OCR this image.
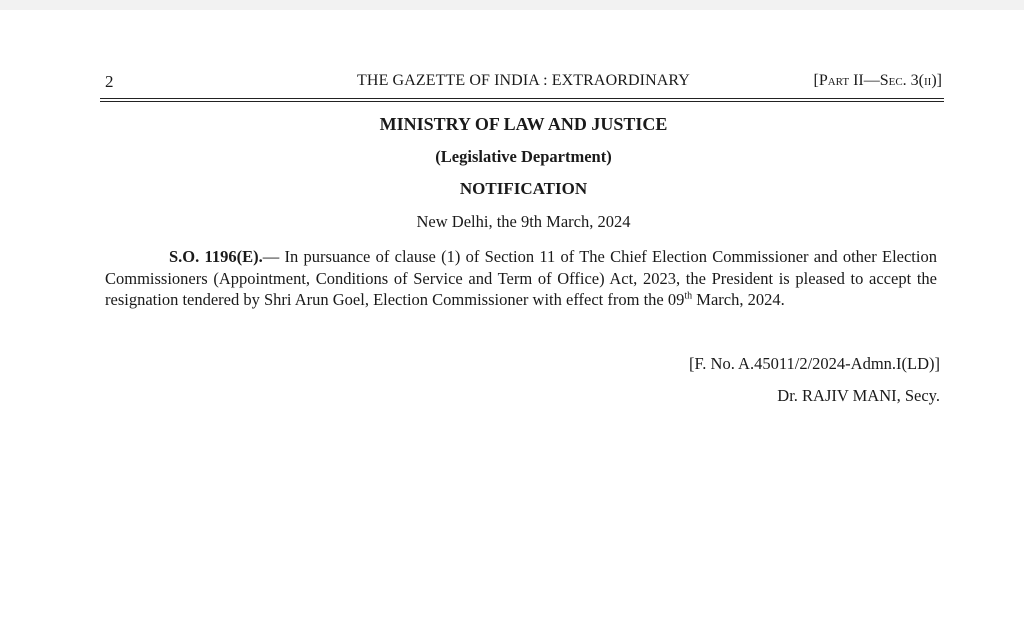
2	THE GAZETTE OF INDIA : EXTRAORDINARY	[Part II—Sec. 3(ii)]
MINISTRY OF LAW AND JUSTICE
(Legislative Department)
NOTIFICATION
New Delhi, the 9th March, 2024
S.O. 1196(E).— In pursuance of clause (1) of Section 11 of The Chief Election Commissioner and other Election Commissioners (Appointment, Conditions of Service and Term of Office) Act, 2023, the President is pleased to accept the resignation tendered by Shri Arun Goel, Election Commissioner with effect from the 09th March, 2024.
[F. No. A.45011/2/2024-Admn.I(LD)]
Dr. RAJIV MANI, Secy.
